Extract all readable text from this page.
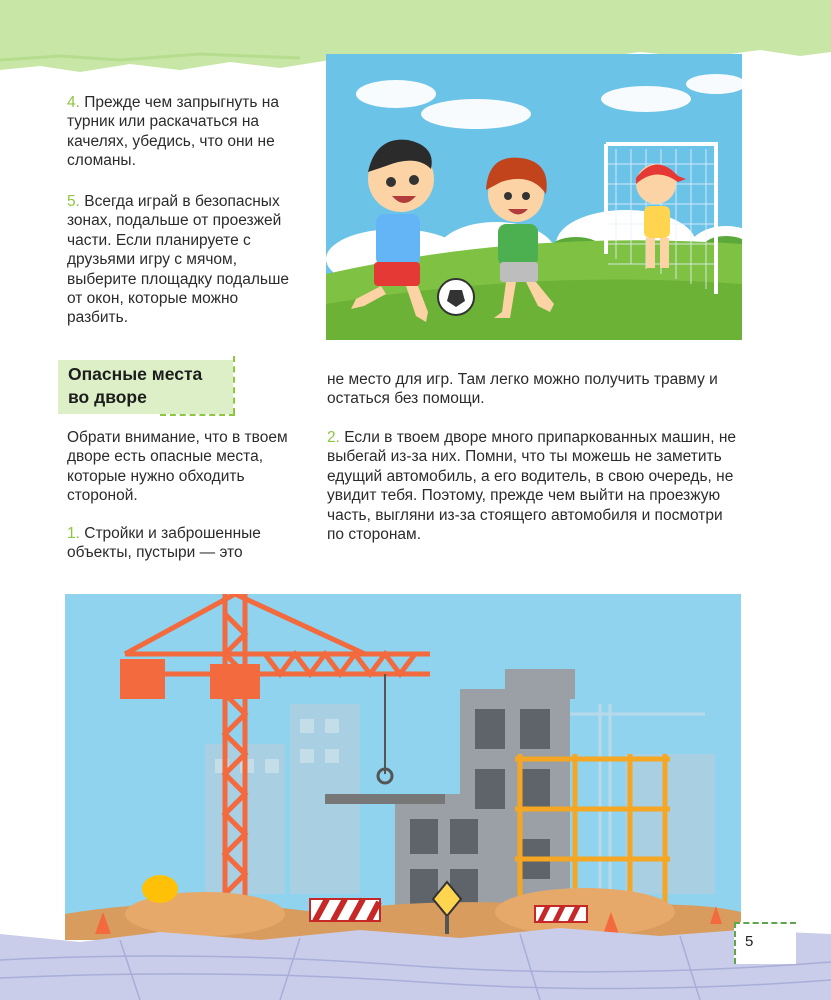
4. Прежде чем запрыгнуть на турник или раскачаться на качелях, убедись, что они не сломаны.
5. Всегда играй в безопасных зонах, подальше от проезжей части. Если планируете с друзьями игру с мячом, выберите площадку подальше от окон, которые можно разбить.
Опасные места
во дворе
Обрати внимание, что в твоем дворе есть опасные места, которые нужно обходить стороной.
1. Стройки и заброшенные объекты, пустыри — это
не место для игр. Там легко можно получить травму и остаться без помощи.
2. Если в твоем дворе много припаркованных машин, не выбегай из-за них. Помни, что ты можешь не заметить едущий автомобиль, а его водитель, в свою очередь, не увидит тебя. Поэтому, прежде чем выйти на проезжую часть, выгляни из-за стоящего автомобиля и посмотри по сторонам.
5
